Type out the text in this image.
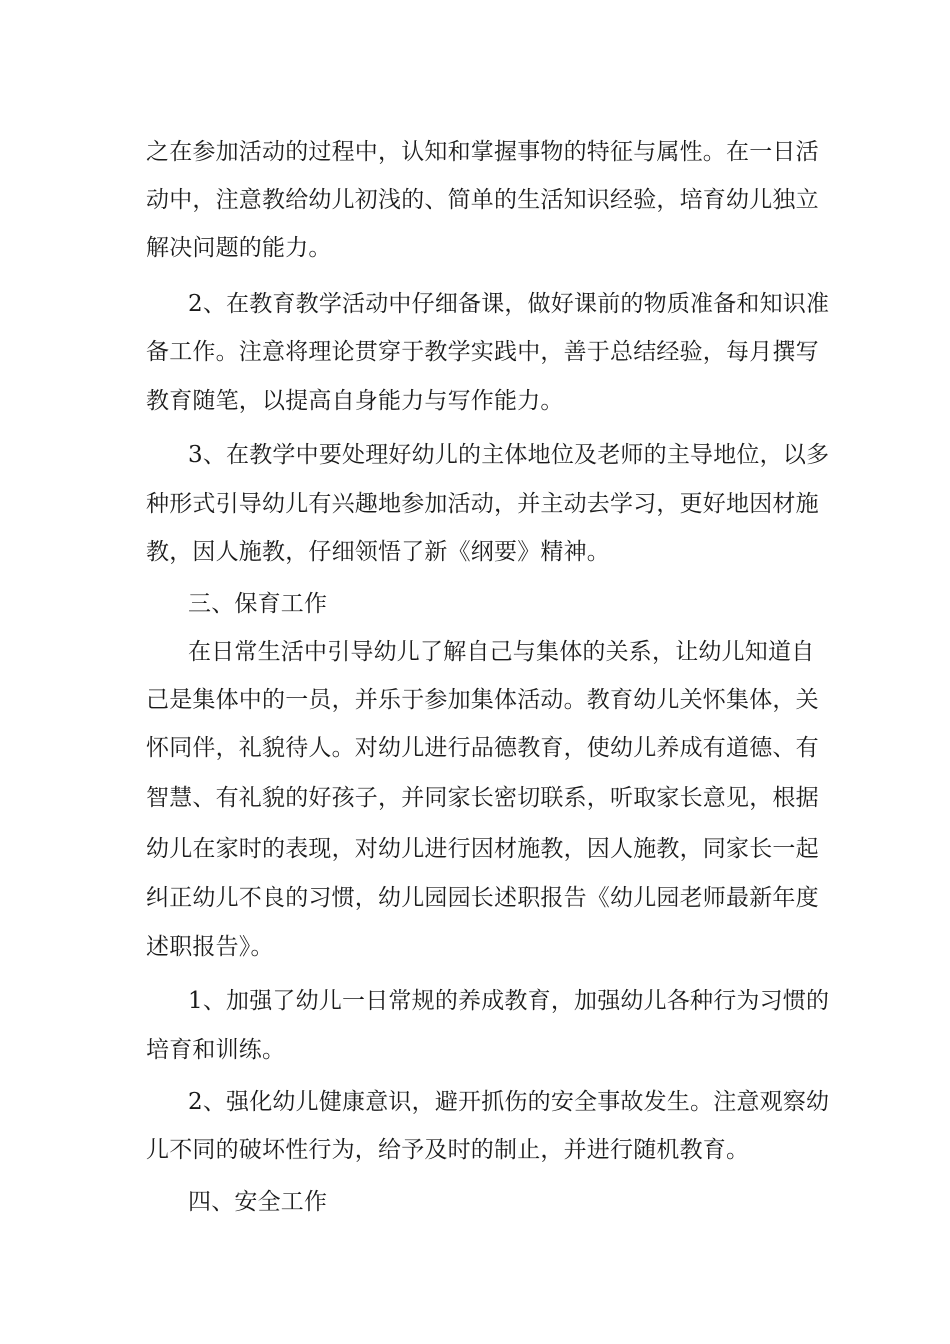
之在参加活动的过程中，认知和掌握事物的特征与属性。在一日活
动中，注意教给幼儿初浅的、简单的生活知识经验，培育幼儿独立
解决问题的能力。
2、在教育教学活动中仔细备课，做好课前的物质准备和知识准
备工作。注意将理论贯穿于教学实践中，善于总结经验，每月撰写
教育随笔，以提高自身能力与写作能力。
3、在教学中要处理好幼儿的主体地位及老师的主导地位，以多
种形式引导幼儿有兴趣地参加活动，并主动去学习，更好地因材施
教，因人施教，仔细领悟了新《纲要》精神。
三、保育工作
在日常生活中引导幼儿了解自己与集体的关系，让幼儿知道自
己是集体中的一员，并乐于参加集体活动。教育幼儿关怀集体，关
怀同伴，礼貌待人。对幼儿进行品德教育，使幼儿养成有道德、有
智慧、有礼貌的好孩子，并同家长密切联系，听取家长意见，根据
幼儿在家时的表现，对幼儿进行因材施教，因人施教，同家长一起
纠正幼儿不良的习惯，幼儿园园长述职报告《幼儿园老师最新年度
述职报告》。
1、加强了幼儿一日常规的养成教育，加强幼儿各种行为习惯的
培育和训练。
2、强化幼儿健康意识，避开抓伤的安全事故发生。注意观察幼
儿不同的破坏性行为，给予及时的制止，并进行随机教育。
四、安全工作
